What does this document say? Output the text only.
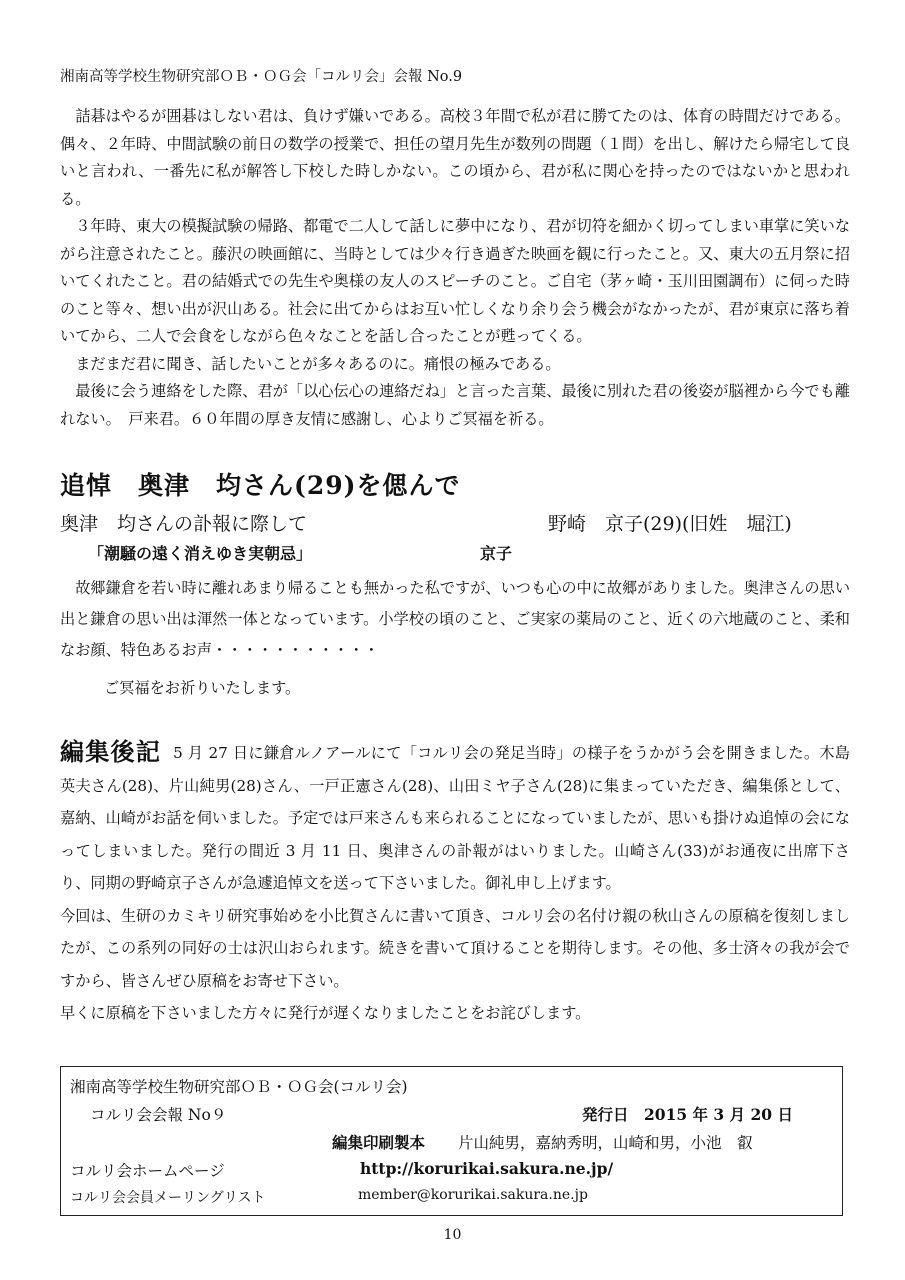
湘南高等学校生物研究部ＯＢ・ＯＧ会「コルリ会」会報 No.9

詰碁はやるが囲碁はしない君は、負けず嫌いである。高校３年間で私が君に勝てたのは、体育の時間だけである。偶々、２年時、中間試験の前日の数学の授業で、担任の望月先生が数列の問題（１問）を出し、解けたら帰宅して良いと言われ、一番先に私が解答し下校した時しかない。この頃から、君が私に関心を持ったのではないかと思われる。

３年時、東大の模擬試験の帰路、都電で二人して話しに夢中になり、君が切符を細かく切ってしまい車掌に笑いながら注意されたこと。藤沢の映画館に、当時としては少々行き過ぎた映画を観に行ったこと。又、東大の五月祭に招いてくれたこと。君の結婚式での先生や奥様の友人のスピーチのこと。ご自宅（茅ヶ崎・玉川田園調布）に伺った時のこと等々、想い出が沢山ある。社会に出てからはお互い忙しくなり余り会う機会がなかったが、君が東京に落ち着いてから、二人で会食をしながら色々なことを話し合ったことが甦ってくる。

まだまだ君に聞き、話したいことが多々あるのに。痛恨の極みである。

最後に会う連絡をした際、君が「以心伝心の連絡だね」と言った言葉、最後に別れた君の後姿が脳裡から今でも離れない。　戸来君。６０年間の厚き友情に感謝し、心よりご冥福を祈る。

追悼　奥津　均さん(29)を偲んで
奥津　均さんの訃報に際して	野崎　京子(29)(旧姓　堀江)
「潮騒の遠く消えゆき実朝忌」	京子

故郷鎌倉を若い時に離れあまり帰ることも無かった私ですが、いつも心の中に故郷がありました。奥津さんの思い出と鎌倉の思い出は渾然一体となっています。小学校の頃のこと、ご実家の薬局のこと、近くの六地蔵のこと、柔和なお顔、特色あるお声・・・・・・・・・・・

ご冥福をお祈りいたします。

編集後記 5 月 27 日に鎌倉ルノアールにて「コルリ会の発足当時」の様子をうかがう会を開きました。木島英夫さん(28)、片山純男(28)さん、一戸正憲さん(28)、山田ミヤ子さん(28)に集まっていただき、編集係として、嘉納、山崎がお話を伺いました。予定では戸来さんも来られることになっていましたが、思いも掛けぬ追悼の会になってしまいました。発行の間近 3 月 11 日、奥津さんの訃報がはいりました。山崎さん(33)がお通夜に出席下さり、同期の野崎京子さんが急遽追悼文を送って下さいました。御礼申し上げます。

今回は、生研のカミキリ研究事始めを小比賀さんに書いて頂き、コルリ会の名付け親の秋山さんの原稿を復刻しましたが、この系列の同好の士は沢山おられます。続きを書いて頂けることを期待します。その他、多士済々の我が会ですから、皆さんぜひ原稿をお寄せ下さい。

早くに原稿を下さいました方々に発行が遅くなりましたことをお詫びします。

湘南高等学校生物研究部ＯＢ・ＯＧ会(コルリ会)
コルリ会会報 No９	発行日　2015 年 3 月 20 日
編集印刷製本 片山純男，嘉納秀明，山崎和男，小池　叡
コルリ会ホームページ	http://korurikai.sakura.ne.jp/
コルリ会会員メーリングリスト	member@korurikai.sakura.ne.jp
10
